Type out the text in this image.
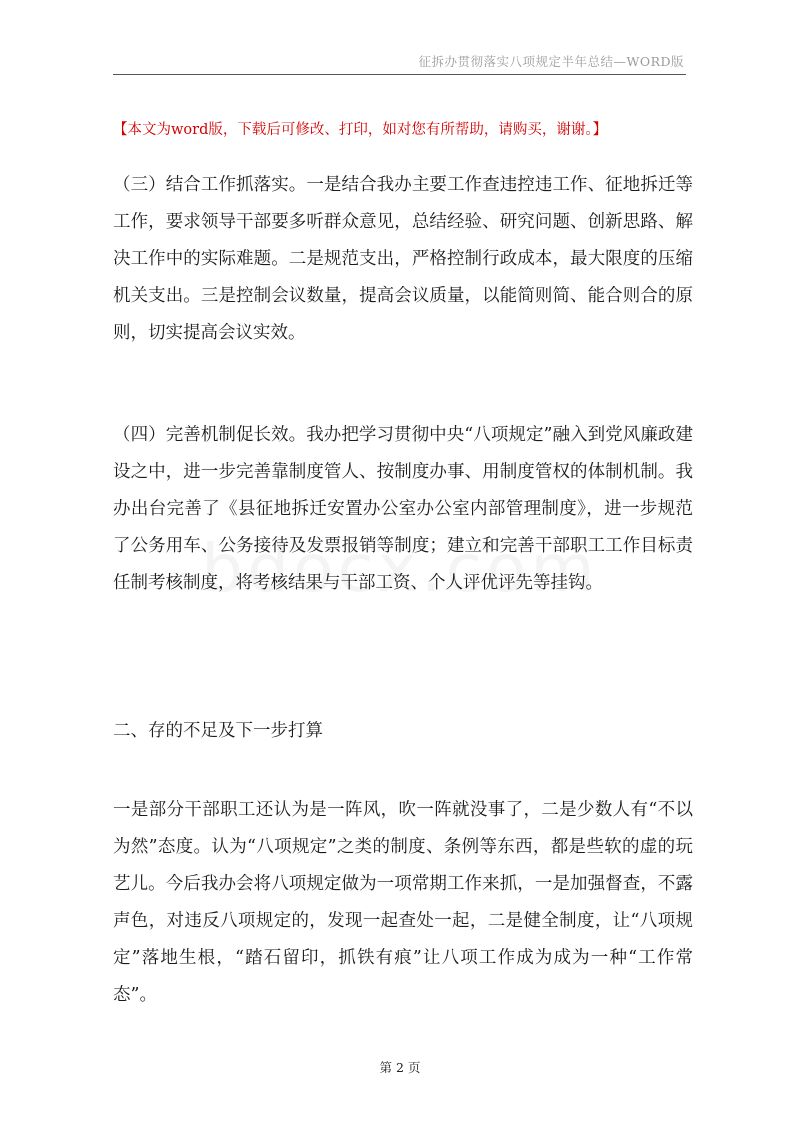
征拆办贯彻落实八项规定半年总结—WORD版
【本文为word版，下载后可修改、打印，如对您有所帮助，请购买，谢谢。】

（三）结合工作抓落实。一是结合我办主要工作查违控违工作、征地拆迁等工作，要求领导干部要多听群众意见，总结经验、研究问题、创新思路、解决工作中的实际难题。二是规范支出，严格控制行政成本，最大限度的压缩机关支出。三是控制会议数量，提高会议质量，以能简则简、能合则合的原则，切实提高会议实效。

（四）完善机制促长效。我办把学习贯彻中央“八项规定”融入到党风廉政建设之中，进一步完善靠制度管人、按制度办事、用制度管权的体制机制。我办出台完善了《县征地拆迁安置办公室办公室内部管理制度》，进一步规范了公务用车、公务接待及发票报销等制度；建立和完善干部职工工作目标责任制考核制度，将考核结果与干部工资、个人评优评先等挂钩。

二、存的不足及下一步打算

一是部分干部职工还认为是一阵风，吹一阵就没事了，二是少数人有“不以为然”态度。认为“八项规定”之类的制度、条例等东西，都是些软的虚的玩艺儿。今后我办会将八项规定做为一项常期工作来抓，一是加强督查，不露声色，对违反八项规定的，发现一起查处一起，二是健全制度，让“八项规定”落地生根，“踏石留印，抓铁有痕”让八项工作成为成为一种“工作常态”。

第 2 页
